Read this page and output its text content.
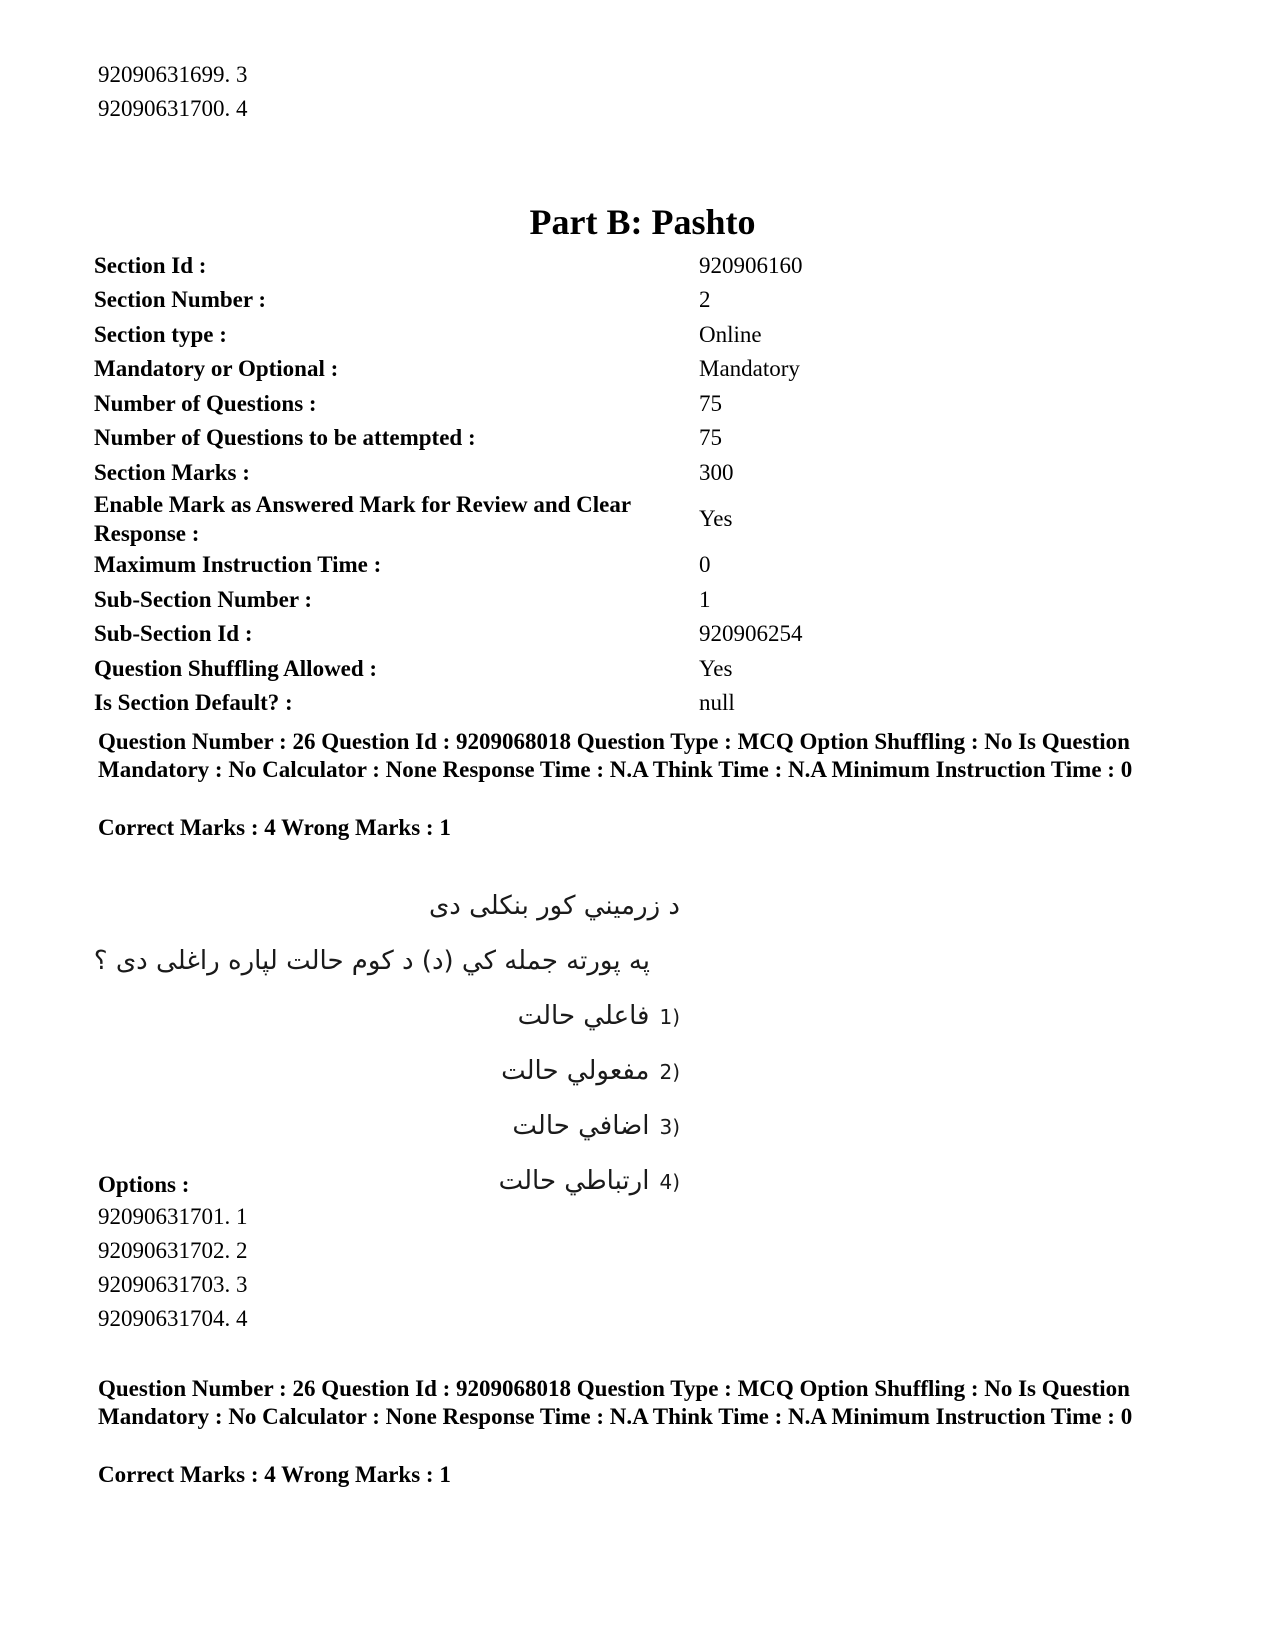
92090631699. 3
92090631700. 4
Part B: Pashto
Section Id :	920906160
Section Number :	2
Section type :	Online
Mandatory or Optional :	Mandatory
Number of Questions :	75
Number of Questions to be attempted :	75
Section Marks :	300
Enable Mark as Answered Mark for Review and Clear Response :	Yes
Maximum Instruction Time :	0
Sub-Section Number :	1
Sub-Section Id :	920906254
Question Shuffling Allowed :	Yes
Is Section Default? :	null
Question Number : 26 Question Id : 9209068018 Question Type : MCQ Option Shuffling : No Is Question Mandatory : No Calculator : None Response Time : N.A Think Time : N.A Minimum Instruction Time : 0
Correct Marks : 4 Wrong Marks : 1
د زرميني كور بنكلى دى
په پورته جمله كي (د) د كوم حالت لپاره راغلى دى ؟
(1فاعلي حالت
(2مفعولي حالت
(3اضافي حالت
(4ارتباطي حالت
Options :
92090631701. 1
92090631702. 2
92090631703. 3
92090631704. 4
Question Number : 26 Question Id : 9209068018 Question Type : MCQ Option Shuffling : No Is Question Mandatory : No Calculator : None Response Time : N.A Think Time : N.A Minimum Instruction Time : 0
Correct Marks : 4 Wrong Marks : 1
